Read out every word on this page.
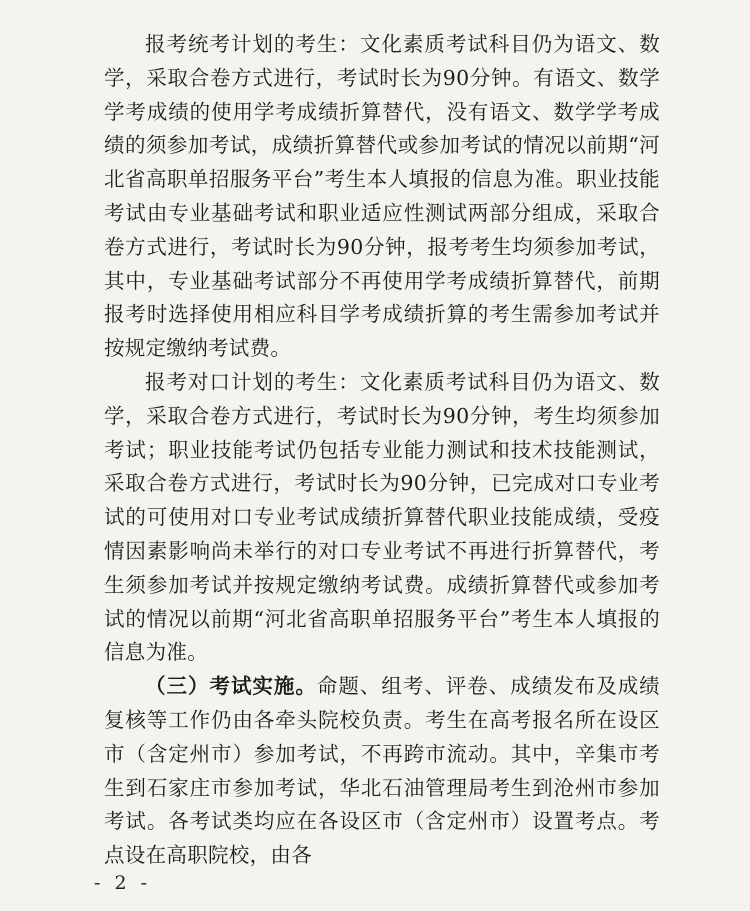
报考统考计划的考生：文化素质考试科目仍为语文、数学，采取合卷方式进行，考试时长为90分钟。有语文、数学学考成绩的使用学考成绩折算替代，没有语文、数学学考成绩的须参加考试，成绩折算替代或参加考试的情况以前期“河北省高职单招服务平台”考生本人填报的信息为准。职业技能考试由专业基础考试和职业适应性测试两部分组成，采取合卷方式进行，考试时长为90分钟，报考考生均须参加考试，其中，专业基础考试部分不再使用学考成绩折算替代，前期报考时选择使用相应科目学考成绩折算的考生需参加考试并按规定缴纳考试费。

报考对口计划的考生：文化素质考试科目仍为语文、数学，采取合卷方式进行，考试时长为90分钟，考生均须参加考试；职业技能考试仍包括专业能力测试和技术技能测试，采取合卷方式进行，考试时长为90分钟，已完成对口专业考试的可使用对口专业考试成绩折算替代职业技能成绩，受疫情因素影响尚未举行的对口专业考试不再进行折算替代，考生须参加考试并按规定缴纳考试费。成绩折算替代或参加考试的情况以前期“河北省高职单招服务平台”考生本人填报的信息为准。

（三）考试实施。命题、组考、评卷、成绩发布及成绩复核等工作仍由各牵头院校负责。考生在高考报名所在设区市（含定州市）参加考试，不再跨市流动。其中，辛集市考生到石家庄市参加考试，华北石油管理局考生到沧州市参加考试。各考试类均应在各设区市（含定州市）设置考点。考点设在高职院校，由各

- 2 -
